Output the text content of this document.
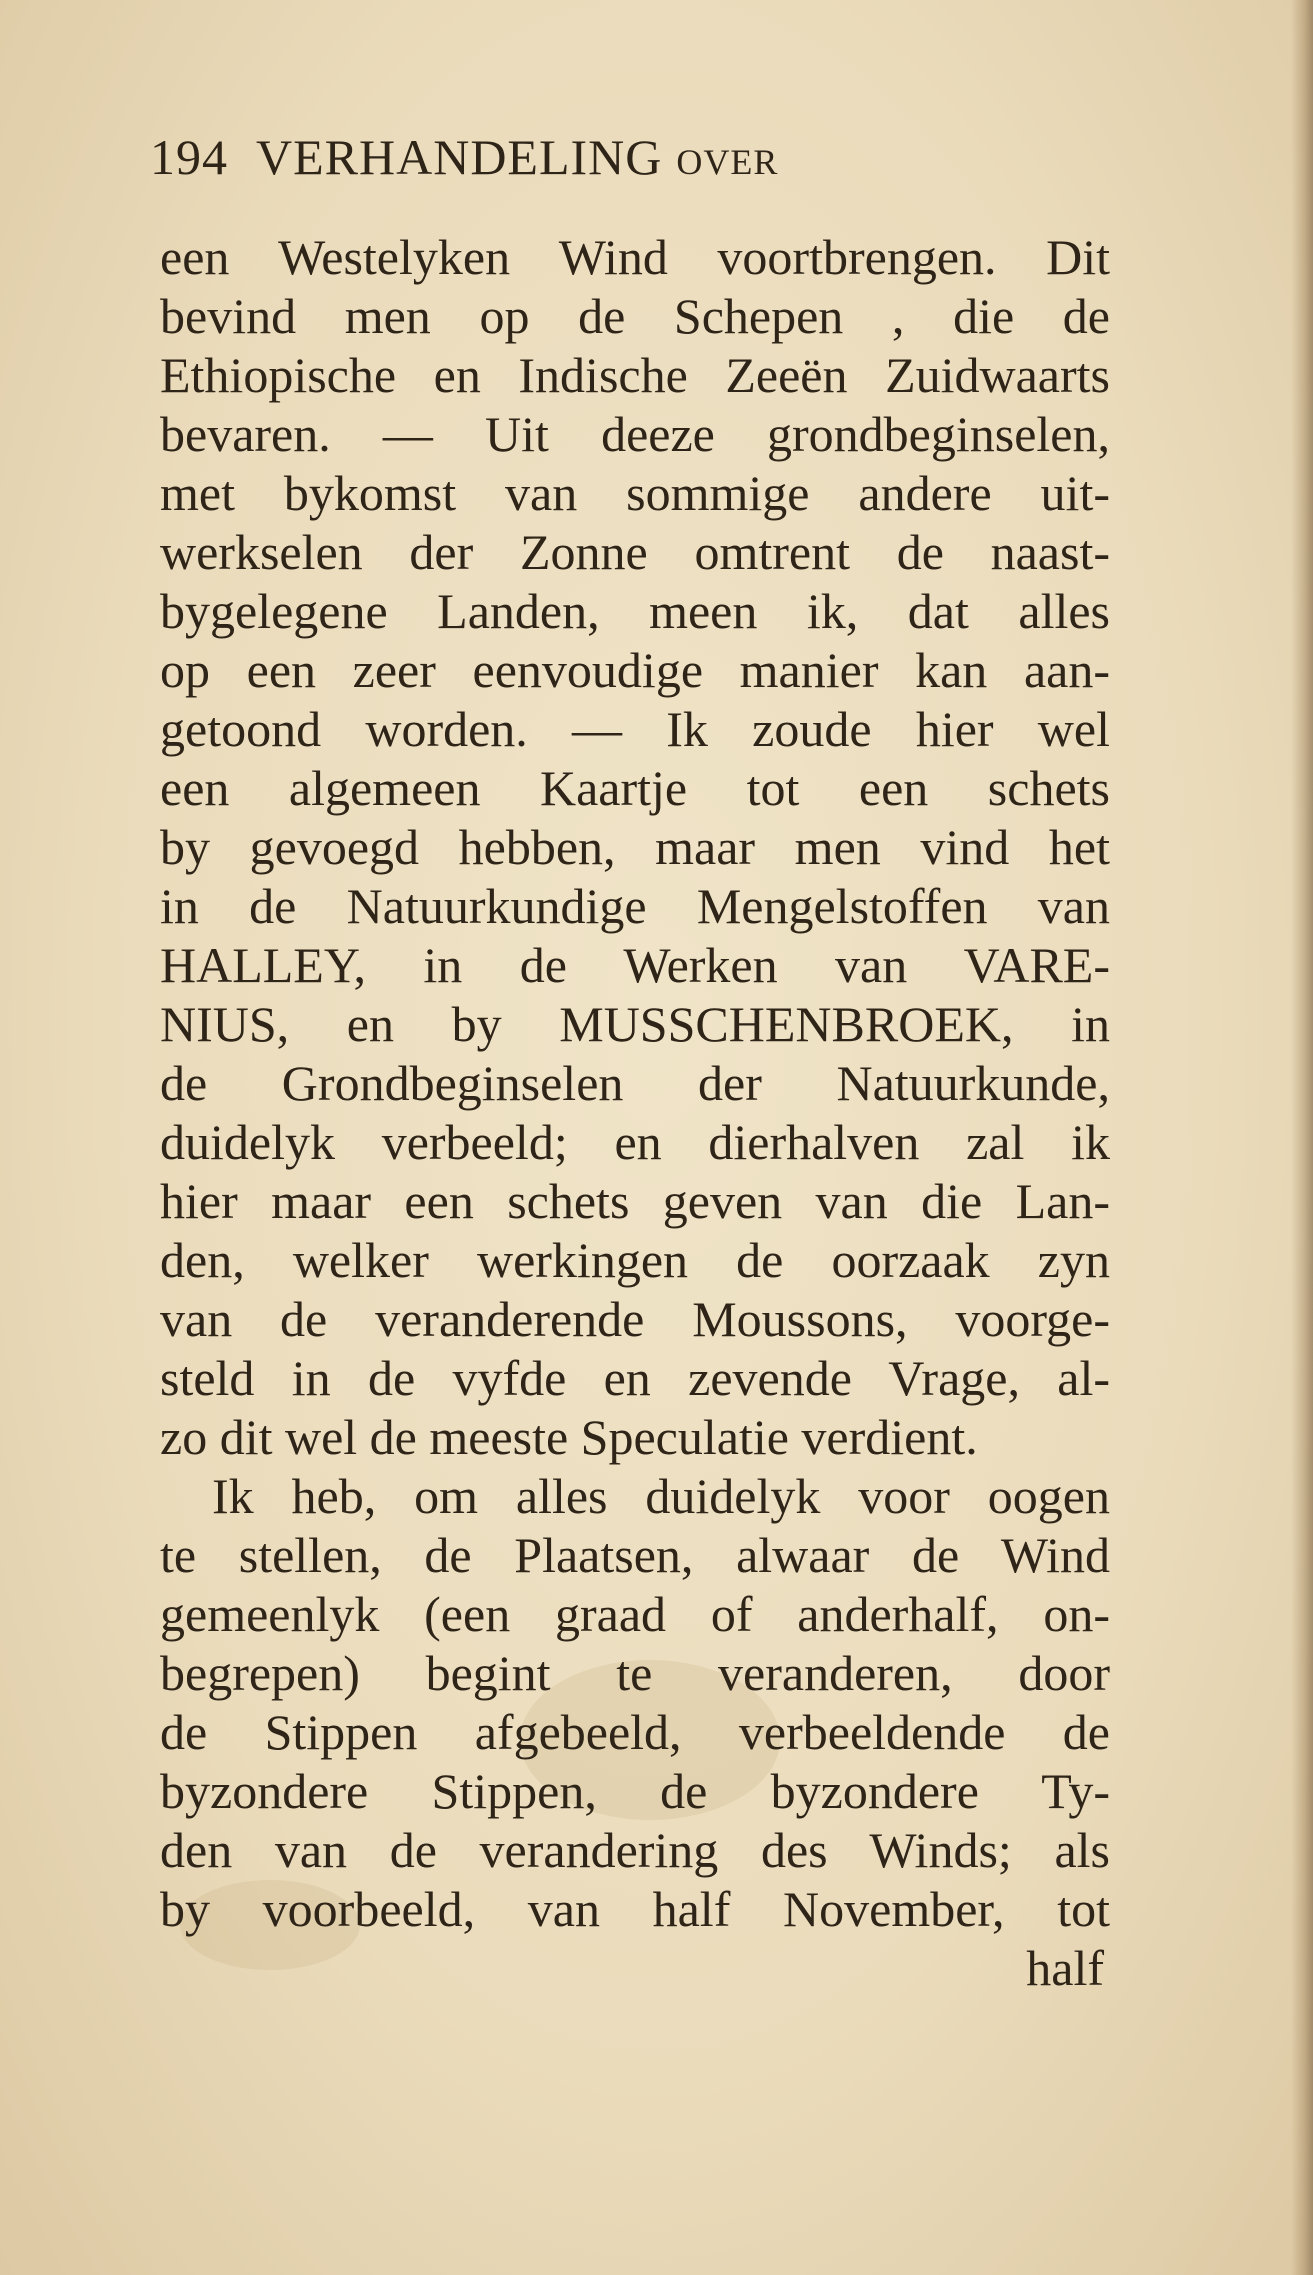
194 VERHANDELING OVER
een Westelyken Wind voortbrengen. Dit
bevind men op de Schepen , die de
Ethiopische en Indische Zeeën Zuidwaarts
bevaren. — Uit deeze grondbeginselen,
met bykomst van sommige andere uit-
werkselen der Zonne omtrent de naast-
bygelegene Landen, meen ik, dat alles
op een zeer eenvoudige manier kan aan-
getoond worden. — Ik zoude hier wel
een algemeen Kaartje tot een schets
by gevoegd hebben, maar men vind het
in de Natuurkundige Mengelstoffen van
HALLEY, in de Werken van VARE-
NIUS, en by MUSSCHENBROEK, in
de Grondbeginselen der Natuurkunde,
duidelyk verbeeld; en dierhalven zal ik
hier maar een schets geven van die Lan-
den, welker werkingen de oorzaak zyn
van de veranderende Moussons, voorge-
steld in de vyfde en zevende Vrage, al-
zo dit wel de meeste Speculatie verdient.
Ik heb, om alles duidelyk voor oogen
te stellen, de Plaatsen, alwaar de Wind
gemeenlyk (een graad of anderhalf, on-
begrepen) begint te veranderen, door
de Stippen afgebeeld, verbeeldende de
byzondere Stippen, de byzondere Ty-
den van de verandering des Winds; als
by voorbeeld, van half November, tot
half
